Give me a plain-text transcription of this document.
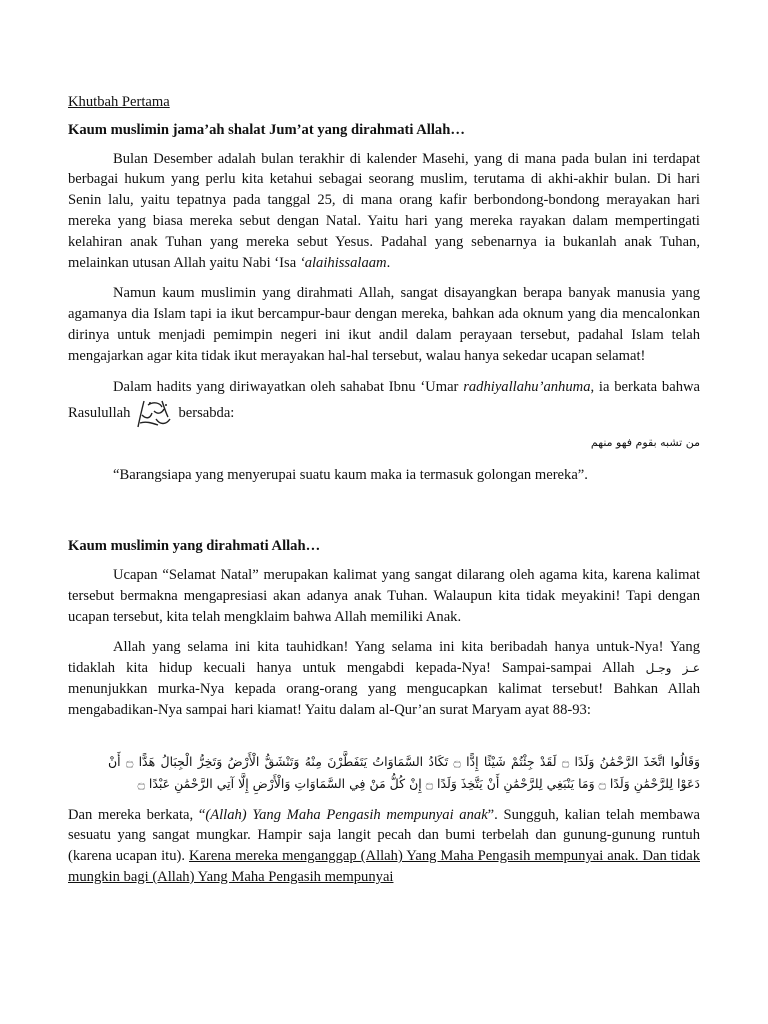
Khutbah Pertama

Kaum muslimin jama’ah shalat Jum’at yang dirahmati Allah…

Bulan Desember adalah bulan terakhir di kalender Masehi, yang di mana pada bulan ini terdapat berbagai hukum yang perlu kita ketahui sebagai seorang muslim, terutama di akhi-akhir bulan. Di hari Senin lalu, yaitu tepatnya pada tanggal 25, di mana orang kafir berbondong-bondong merayakan hari mereka yang biasa mereka sebut dengan Natal. Yaitu hari yang mereka rayakan dalam mempertingati kelahiran anak Tuhan yang mereka sebut Yesus. Padahal yang sebenarnya ia bukanlah anak Tuhan, melainkan utusan Allah yaitu Nabi ‘Isa ‘alaihissalaam.

Namun kaum muslimin yang dirahmati Allah, sangat disayangkan berapa banyak manusia yang agamanya dia Islam tapi ia ikut bercampur-baur dengan mereka, bahkan ada oknum yang dia mencalonkan dirinya untuk menjadi pemimpin negeri ini ikut andil dalam perayaan tersebut, padahal Islam telah mengajarkan agar kita tidak ikut merayakan hal-hal tersebut, walau hanya sekedar ucapan selamat!

Dalam hadits yang diriwayatkan oleh sahabat Ibnu ‘Umar radhiyallahu’anhuma, ia berkata bahwa Rasulullah	bersabda:

من تشبه بقوم فهو منهم

“Barangsiapa yang menyerupai suatu kaum maka ia termasuk golongan mereka”.

Kaum muslimin yang dirahmati Allah…

Ucapan “Selamat Natal” merupakan kalimat yang sangat dilarang oleh agama kita, karena kalimat tersebut bermakna mengapresiasi akan adanya anak Tuhan. Walaupun kita tidak meyakini! Tapi dengan ucapan tersebut, kita telah mengklaim bahwa Allah memiliki Anak.

Allah yang selama ini kita tauhidkan! Yang selama ini kita beribadah hanya untuk-Nya! Yang tidaklah kita hidup kecuali hanya untuk mengabdi kepada-Nya! Sampai-sampai Allah عـز وجـل menunjukkan murka-Nya kepada orang-orang yang mengucapkan kalimat tersebut! Bahkan Allah mengabadikan-Nya sampai hari kiamat! Yaitu dalam al-Qur’an surat Maryam ayat 88-93:

وَقَالُوا اتَّخَذَ الرَّحْمَٰنُ وَلَدًا ۝ لَقَدْ جِئْتُمْ شَيْئًا إِدًّا ۝ تَكَادُ السَّمَاوَاتُ يَتَفَطَّرْنَ مِنْهُ وَتَنْشَقُّ الْأَرْضُ وَتَخِرُّ الْجِبَالُ هَدًّا ۝ أَنْ دَعَوْا لِلرَّحْمَٰنِ وَلَدًا ۝ وَمَا يَنْبَغِي لِلرَّحْمَٰنِ أَنْ يَتَّخِذَ وَلَدًا ۝ إِنْ كُلُّ مَنْ فِي السَّمَاوَاتِ وَالْأَرْضِ إِلَّا آتِي الرَّحْمَٰنِ عَبْدًا ۝

Dan mereka berkata, “(Allah) Yang Maha Pengasih mempunyai anak”. Sungguh, kalian telah membawa sesuatu yang sangat mungkar. Hampir saja langit pecah dan bumi terbelah dan gunung-gunung runtuh (karena ucapan itu). Karena mereka menganggap (Allah) Yang Maha Pengasih mempunyai anak. Dan tidak mungkin bagi (Allah) Yang Maha Pengasih mempunyai
